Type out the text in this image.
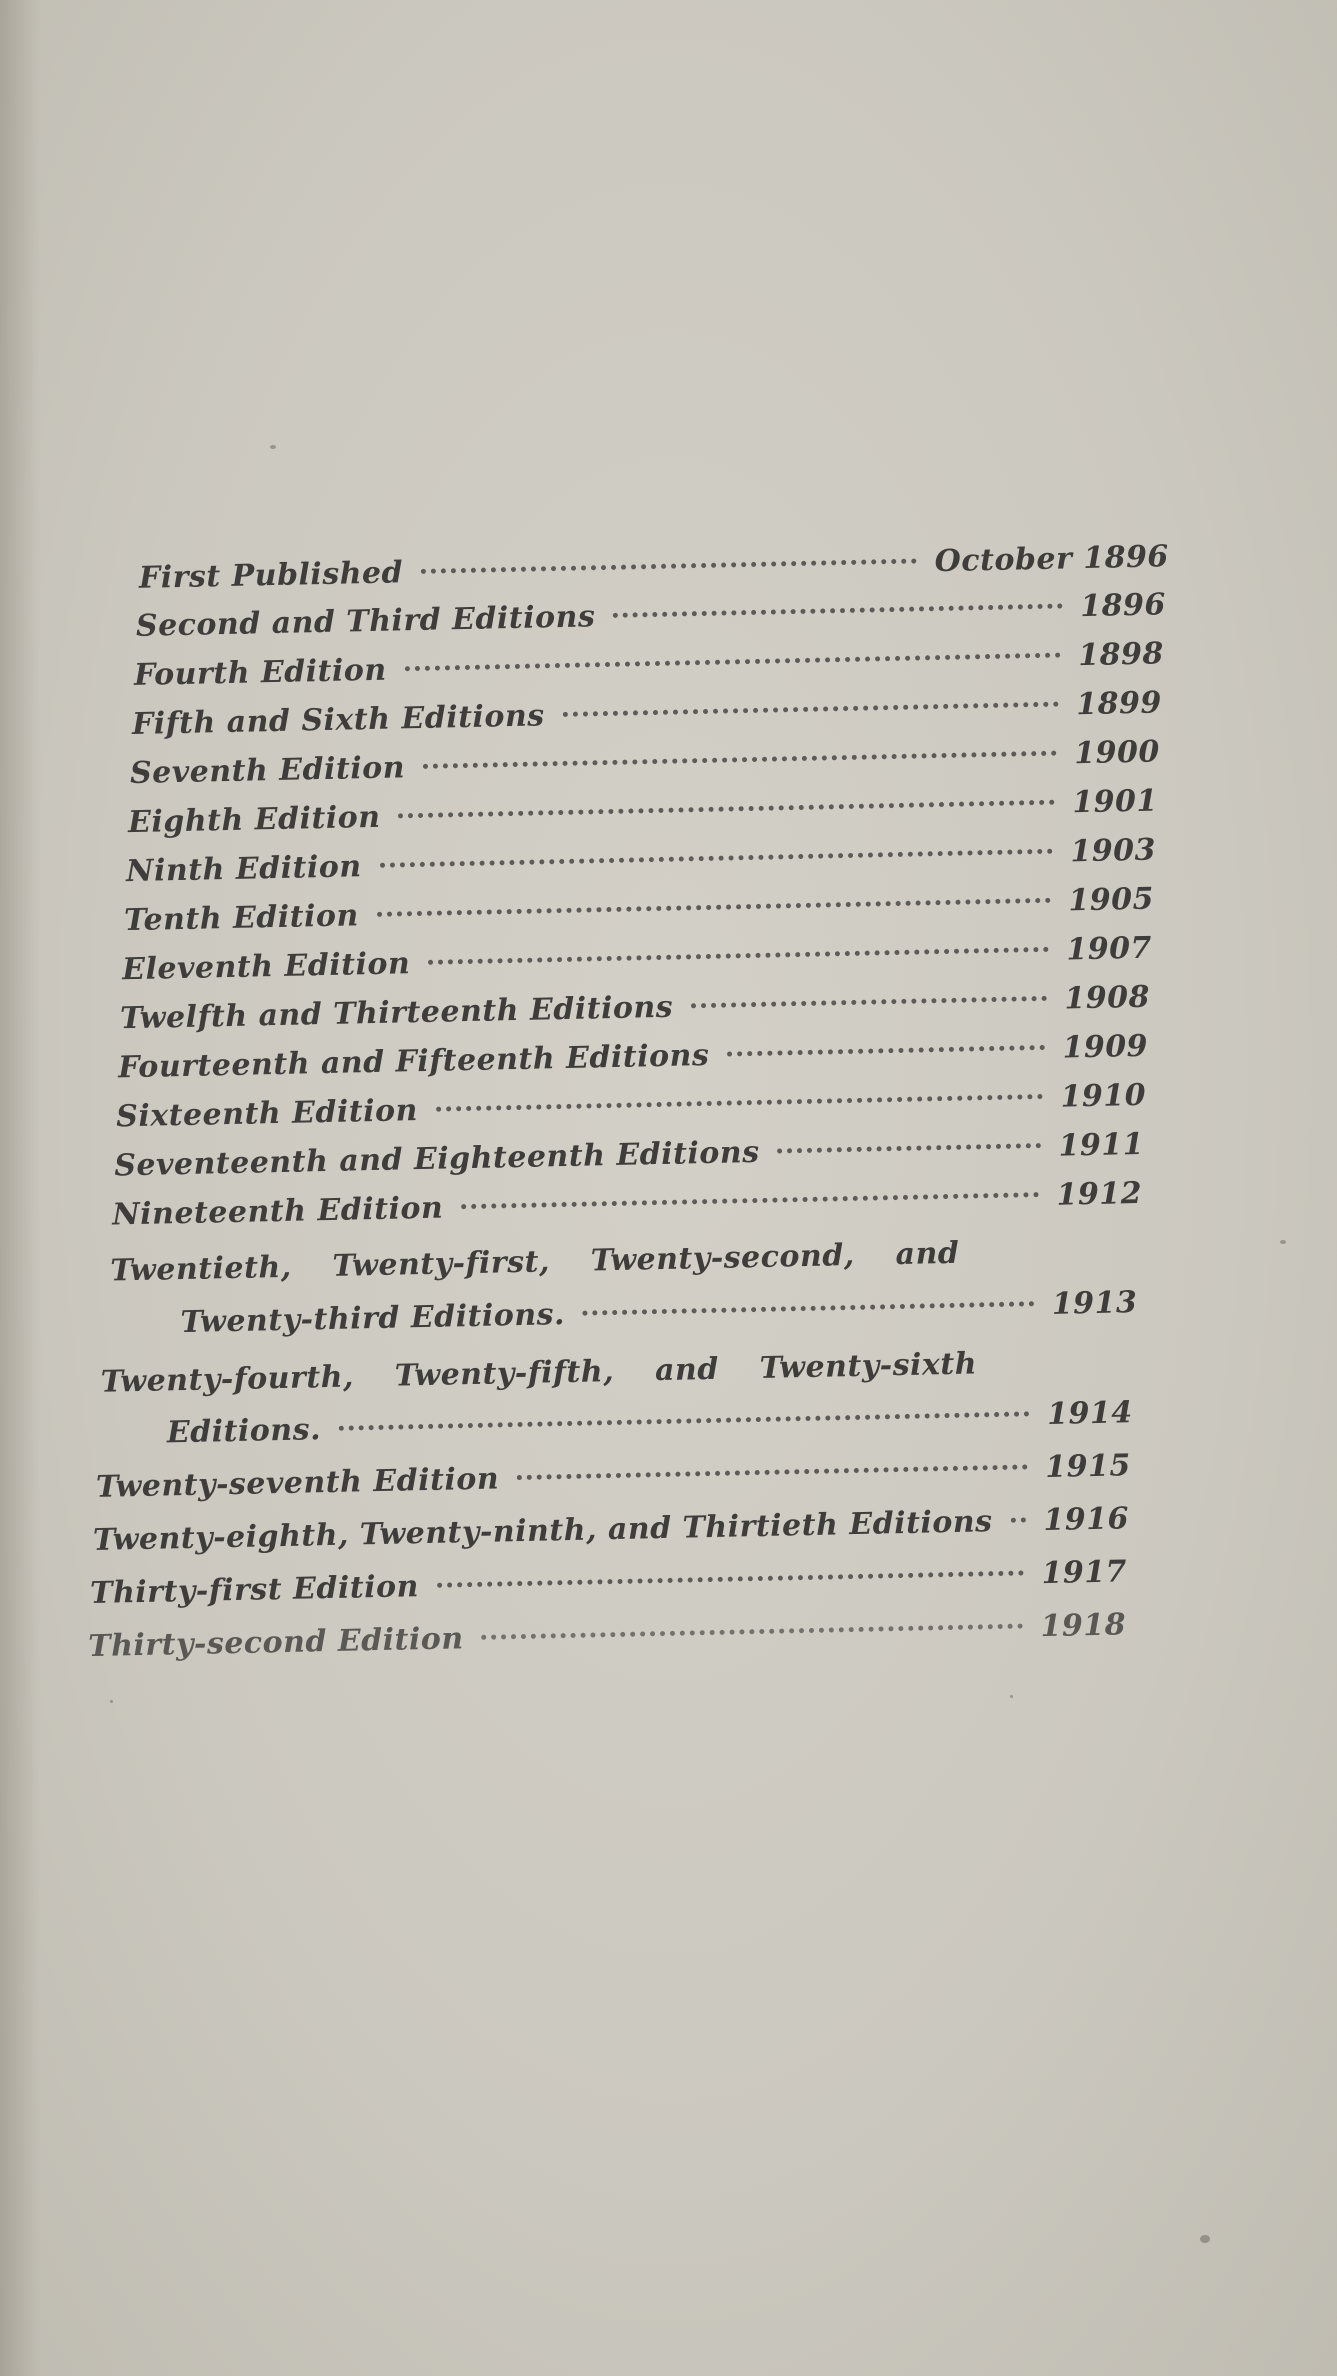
First Published	October 1896
Second and Third Editions	1896
Fourth Edition	1898
Fifth and Sixth Editions	1899
Seventh Edition	1900
Eighth Edition	1901
Ninth Edition	1903
Tenth Edition	1905
Eleventh Edition	1907
Twelfth and Thirteenth Editions	1908
Fourteenth and Fifteenth Editions	1909
Sixteenth Edition	1910
Seventeenth and Eighteenth Editions	1911
Nineteenth Edition	1912
Twentieth, Twenty-first, Twenty-second, and
Twenty-third Editions.	1913
Twenty-fourth, Twenty-fifth, and Twenty-sixth
Editions.	1914
Twenty-seventh Edition	1915
Twenty-eighth, Twenty-ninth, and Thirtieth Editions 1916
Thirty-first Edition	1917
Thirty-second Edition	1918
